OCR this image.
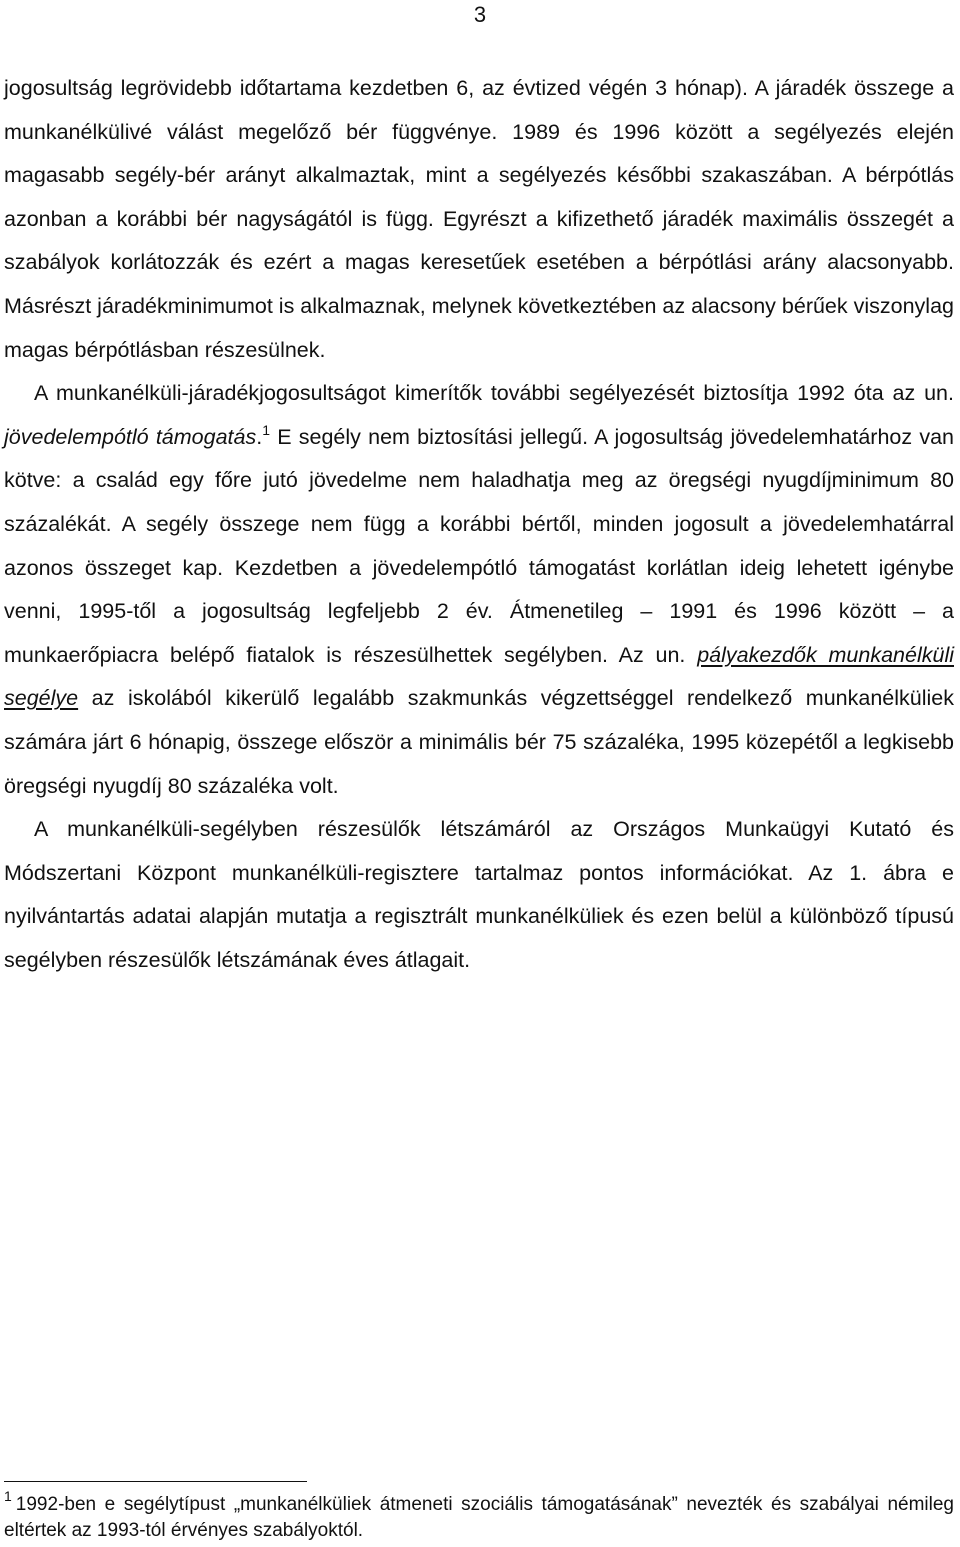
3

jogosultság legrövidebb időtartama kezdetben 6, az évtized végén 3 hónap). A járadék összege a munkanélkülivé válást megelőző bér függvénye. 1989 és 1996 között a segélyezés elején magasabb segély-bér arányt alkalmaztak, mint a segélyezés későbbi szakaszában. A bérpótlás azonban a korábbi bér nagyságától is függ. Egyrészt a kifizethető járadék maximális összegét a szabályok korlátozzák és ezért a magas keresetűek esetében a bérpótlási arány alacsonyabb. Másrészt járadékminimumot is alkalmaznak, melynek következtében az alacsony bérűek viszonylag magas bérpótlásban részesülnek.

A munkanélküli-járadékjogosultságot kimerítők további segélyezését biztosítja 1992 óta az un. jövedelempótló támogatás.$^1$ E segély nem biztosítási jellegű. A jogosultság jövedelemhatárhoz van kötve: a család egy főre jutó jövedelme nem haladhatja meg az öregségi nyugdíjminimum 80 százalékát. A segély összege nem függ a korábbi bértől, minden jogosult a jövedelemhatárral azonos összeget kap. Kezdetben a jövedelempótló támogatást korlátlan ideig lehetett igénybe venni, 1995-től a jogosultság legfeljebb 2 év. Átmenetileg – 1991 és 1996 között – a munkaerőpiacra belépő fiatalok is részesülhettek segélyben. Az un. pályakezdők munkanélküli segélye az iskolából kikerülő legalább szakmunkás végzettséggel rendelkező munkanélküliek számára járt 6 hónapig, összege először a minimális bér 75 százaléka, 1995 közepétől a legkisebb öregségi nyugdíj 80 százaléka volt.

A munkanélküli-segélyben részesülők létszámáról az Országos Munkaügyi Kutató és Módszertani Központ munkanélküli-regisztere tartalmaz pontos információkat. Az 1. ábra e nyilvántartás adatai alapján mutatja a regisztrált munkanélküliek és ezen belül a különböző típusú segélyben részesülők létszámának éves átlagait.

$^1$ 1992-ben e segélytípust „munkanélküliek átmeneti szociális támogatásának” nevezték és szabályai némileg eltértek az 1993-tól érvényes szabályoktól.
